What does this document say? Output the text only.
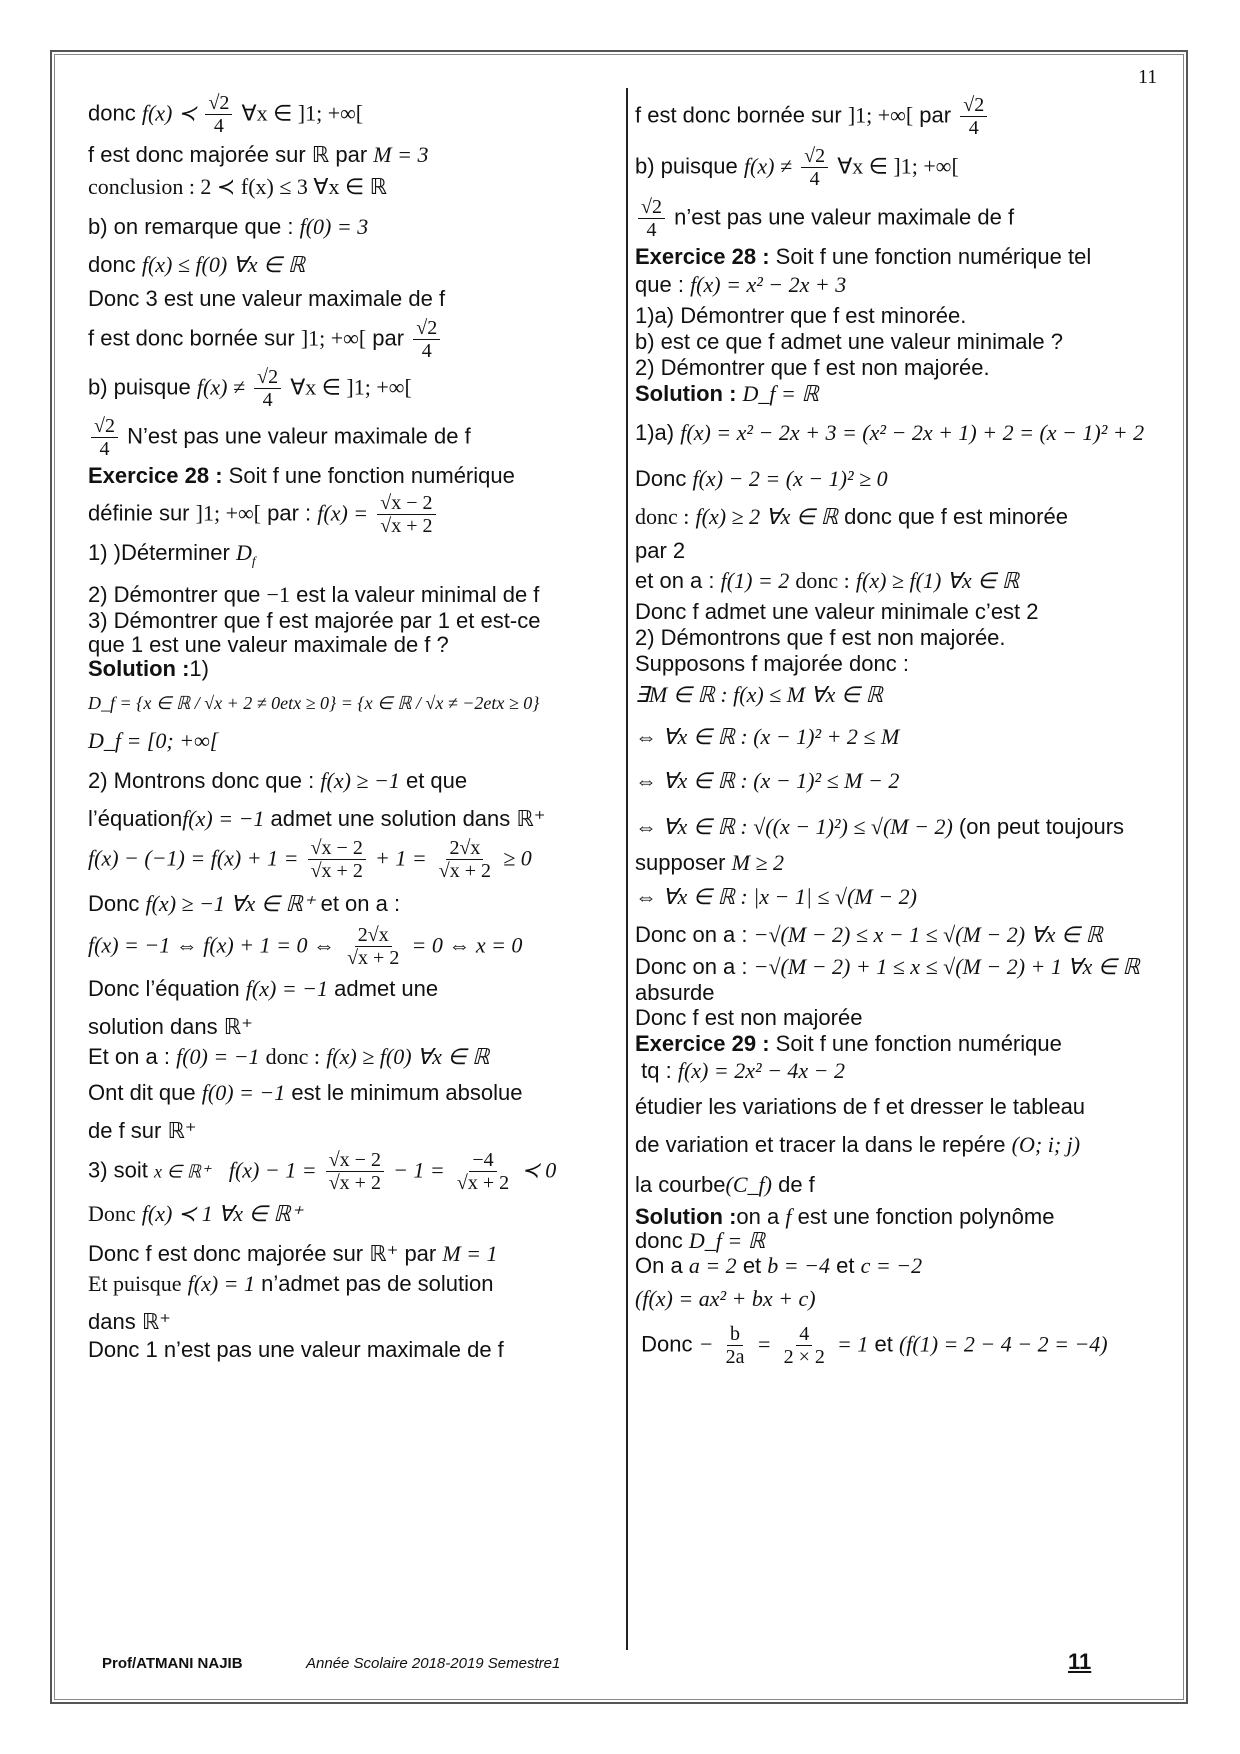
11
donc f(x) ≺ $\frac{√2}{4}$ ∀x ∈ ]1; +∞[
f est donc majorée sur ℝ par M = 3
conclusion : 2 ≺ f(x) ≤ 3 ∀x ∈ ℝ
b) on remarque que : f(0) = 3
donc f(x) ≤ f(0) ∀x ∈ ℝ
Donc 3 est une valeur maximale de f
f est donc bornée sur ]1; +∞[ par $\frac{√2}{4}$
b) puisque $f(x) \ne \frac{√2}{4}$ ∀x ∈ ]1; +∞[
$\frac{√2}{4}$ N’est pas une valeur maximale de f
Exercice 28 : Soit f une fonction numérique
définie sur ]1; +∞[ par : $f(x) = \frac{√x - 2}{√x + 2}$
1) )Déterminer $D_f$
2) Démontrer que −1 est la valeur minimal de f
3) Démontrer que f est majorée par 1 et est-ce
que 1 est une valeur maximale de f ?
Solution :1)
D_f = {x ∈ ℝ / √x + 2 ≠ 0etx ≥ 0} = {x ∈ ℝ / √x ≠ −2etx ≥ 0}
D_f = [0; +∞[
2) Montrons donc que : f(x) ≥ −1 et que
l’équationf(x) = −1 admet une solution dans ℝ⁺
$f(x) - (-1) = f(x) + 1 = \frac{√x - 2}{√x + 2} + 1 = \frac{2√x}{√x + 2} \ge 0$
Donc f(x) ≥ −1 ∀x ∈ ℝ⁺ et on a :
f(x) = −1 ⇔ f(x) + 1 = 0 ⇔ $\frac{2√x}{√x + 2} = 0$ ⇔ x = 0
Donc l’équation f(x) = −1 admet une
solution dans ℝ⁺
Et on a : f(0) = −1 donc : f(x) ≥ f(0) ∀x ∈ ℝ
Ont dit que f(0) = −1 est le minimum absolue
de f sur ℝ⁺
3) soit x ∈ ℝ⁺ $f(x) - 1 = \frac{√x - 2}{√x + 2} - 1 = \frac{-4}{√x + 2}$ ≺ 0
Donc f(x) ≺ 1 ∀x ∈ ℝ⁺
Donc f est donc majorée sur ℝ⁺ par M = 1
Et puisque f(x) = 1 n’admet pas de solution
dans ℝ⁺
Donc 1 n’est pas une valeur maximale de f
f est donc bornée sur ]1; +∞[ par $\frac{√2}{4}$
b) puisque $f(x) \ne \frac{√2}{4}$ ∀x ∈ ]1; +∞[
$\frac{√2}{4}$ n’est pas une valeur maximale de f
Exercice 28 : Soit f une fonction numérique tel
que : f(x) = x² − 2x + 3
1)a) Démontrer que f est minorée.
b) est ce que f admet une valeur minimale ?
2) Démontrer que f est non majorée.
Solution : D_f = ℝ
1)a) f(x) = x² − 2x + 3 = (x² − 2x + 1) + 2 = (x − 1)² + 2
Donc f(x) − 2 = (x − 1)² ≥ 0
donc : f(x) ≥ 2 ∀x ∈ ℝ donc que f est minorée
par 2
et on a : f(1) = 2 donc : f(x) ≥ f(1) ∀x ∈ ℝ
Donc f admet une valeur minimale c’est 2
2) Démontrons que f est non majorée.
Supposons f majorée donc :
∃M ∈ ℝ : f(x) ≤ M ∀x ∈ ℝ
⇔ ∀x ∈ ℝ : (x − 1)² + 2 ≤ M
⇔ ∀x ∈ ℝ : (x − 1)² ≤ M − 2
⇔ ∀x ∈ ℝ : √((x − 1)²) ≤ √(M − 2) (on peut toujours
supposer M ≥ 2
⇔ ∀x ∈ ℝ : |x − 1| ≤ √(M − 2)
Donc on a : −√(M − 2) ≤ x − 1 ≤ √(M − 2) ∀x ∈ ℝ
Donc on a : −√(M − 2) + 1 ≤ x ≤ √(M − 2) + 1 ∀x ∈ ℝ
absurde
Donc f est non majorée
Exercice 29 : Soit f une fonction numérique
tq : f(x) = 2x² − 4x − 2
étudier les variations de f et dresser le tableau
de variation et tracer la dans le repére (O; i; j)
la courbe(C_f) de f
Solution :on a f est une fonction polynôme
donc D_f = ℝ
On a a = 2 et b = −4 et c = −2
(f(x) = ax² + bx + c)
Donc − $\frac{b}{2a} = \frac{4}{2 \times 2} = 1$ et (f(1) = 2 − 4 − 2 = −4)
Prof/ATMANI NAJIB	Année Scolaire 2018-2019 Semestre1	11
